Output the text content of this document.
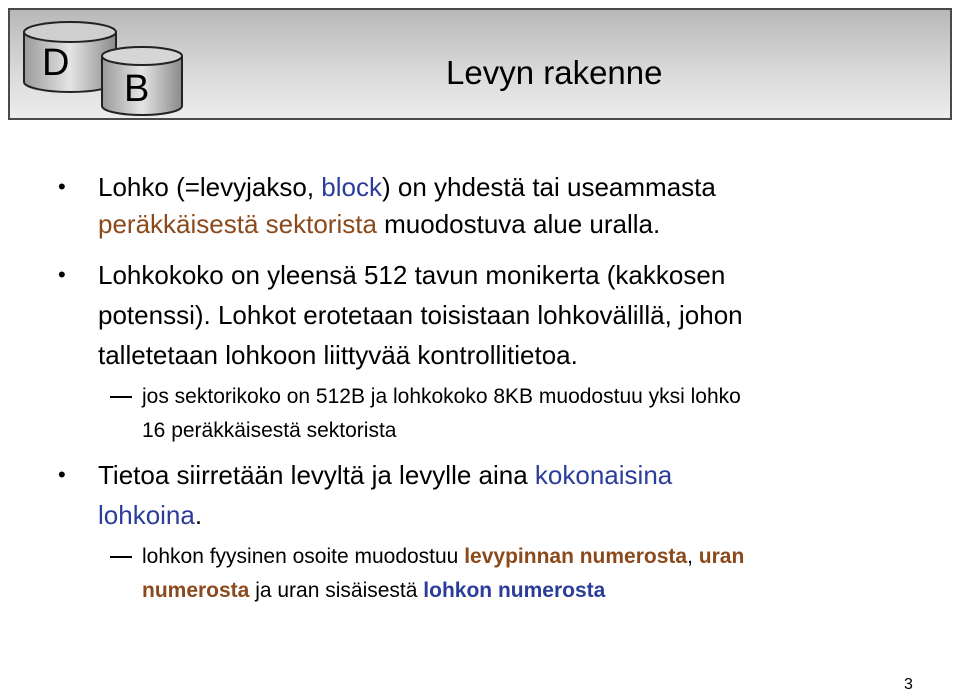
D
B	Levyn rakenne
• Lohko (=levyjakso, block) on yhdestä tai useammasta
peräkkäisestä sektorista muodostuva alue uralla.
• Lohkokoko on yleensä 512 tavun monikerta (kakkosen
potenssi). Lohkot erotetaan toisistaan lohkovälillä, johon
talletetaan lohkoon liittyvää kontrollitietoa.
jos sektorikoko on 512B ja lohkokoko 8KB muodostuu yksi lohko
16 peräkkäisestä sektorista
• Tietoa siirretään levyltä ja levylle aina kokonaisina
lohkoina.
lohkon fyysinen osoite muodostuu levypinnan numerosta, uran
numerosta ja uran sisäisestä lohkon numerosta
3
